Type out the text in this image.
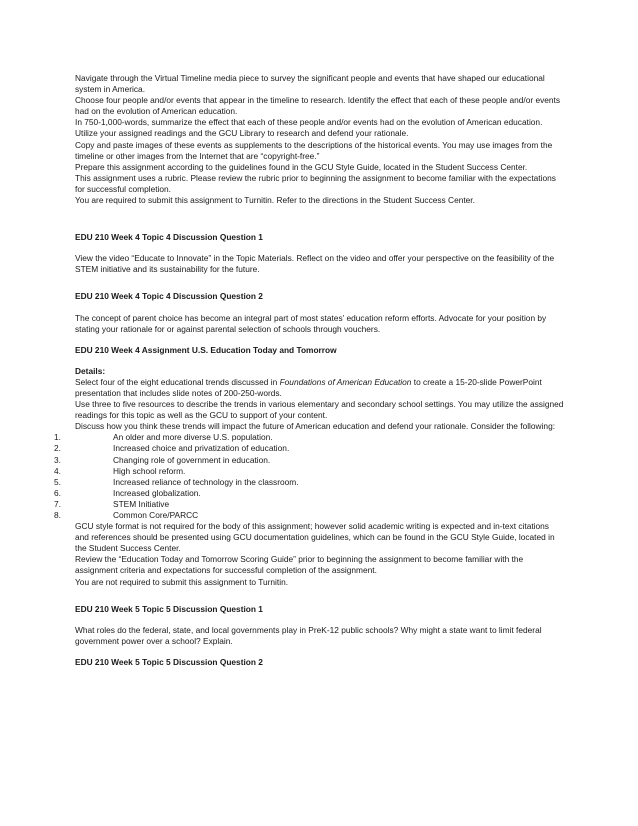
Navigate through the Virtual Timeline media piece to survey the significant people and events that have shaped our educational system in America.

Choose four people and/or events that appear in the timeline to research. Identify the effect that each of these people and/or events had on the evolution of American education.

In 750-1,000-words, summarize the effect that each of these people and/or events had on the evolution of American education.

Utilize your assigned readings and the GCU Library to research and defend your rationale.

Copy and paste images of these events as supplements to the descriptions of the historical events. You may use images from the timeline or other images from the Internet that are “copyright-free.”

Prepare this assignment according to the guidelines found in the GCU Style Guide, located in the Student Success Center.

This assignment uses a rubric. Please review the rubric prior to beginning the assignment to become familiar with the expectations for successful completion.

You are required to submit this assignment to Turnitin. Refer to the directions in the Student Success Center.

EDU 210 Week 4 Topic 4 Discussion Question 1

View the video “Educate to Innovate” in the Topic Materials. Reflect on the video and offer your perspective on the feasibility of the STEM initiative and its sustainability for the future.

EDU 210 Week 4 Topic 4 Discussion Question 2

The concept of parent choice has become an integral part of most states’ education reform efforts. Advocate for your position by stating your rationale for or against parental selection of schools through vouchers.

EDU 210 Week 4 Assignment U.S. Education Today and Tomorrow

Details:

Select four of the eight educational trends discussed in Foundations of American Education to create a 15-20-slide PowerPoint presentation that includes slide notes of 200-250-words.

Use three to five resources to describe the trends in various elementary and secondary school settings. You may utilize the assigned readings for this topic as well as the GCU to support of your content.

Discuss how you think these trends will impact the future of American education and defend your rationale. Consider the following:

1.	An older and more diverse U.S. population.
2.	Increased choice and privatization of education.
3.	Changing role of government in education.
4.	High school reform.
5.	Increased reliance of technology in the classroom.
6.	Increased globalization.
7.	STEM Initiative
8.	Common Core/PARCC

GCU style format is not required for the body of this assignment; however solid academic writing is expected and in-text citations and references should be presented using GCU documentation guidelines, which can be found in the GCU Style Guide, located in the Student Success Center.

Review the “Education Today and Tomorrow Scoring Guide” prior to beginning the assignment to become familiar with the assignment criteria and expectations for successful completion of the assignment.

You are not required to submit this assignment to Turnitin.

EDU 210 Week 5 Topic 5 Discussion Question 1

What roles do the federal, state, and local governments play in PreK-12 public schools? Why might a state want to limit federal government power over a school? Explain.

EDU 210 Week 5 Topic 5 Discussion Question 2
